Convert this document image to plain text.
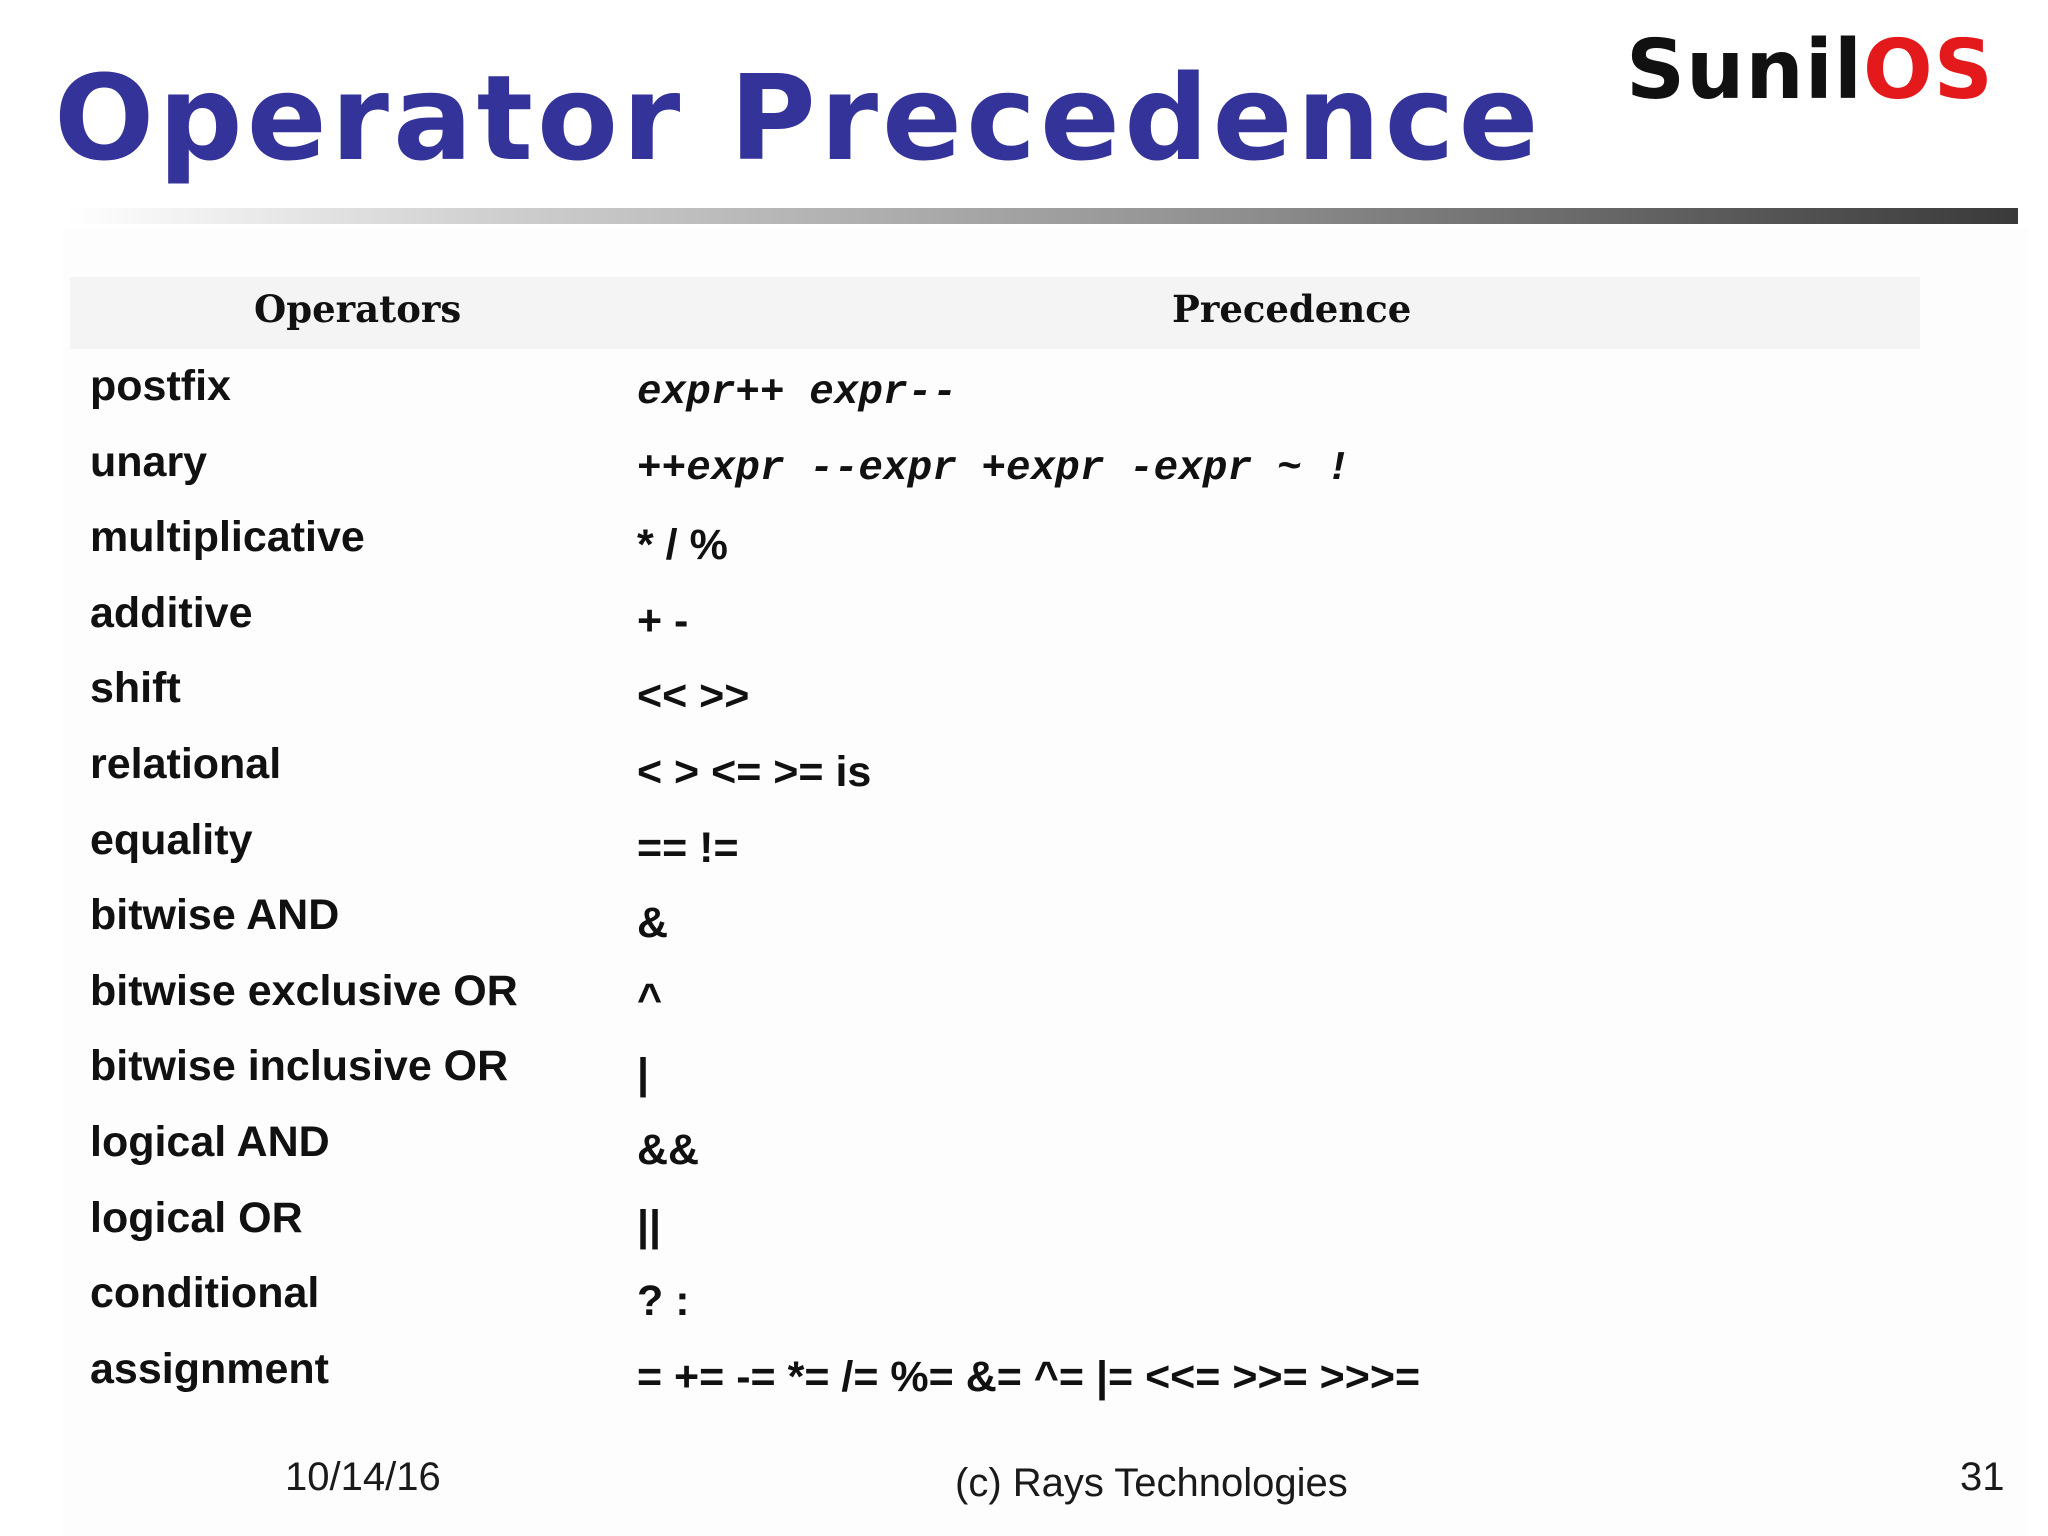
Operator Precedence SunilOS
Operators	Precedence
postfix	expr++ expr--
unary	++expr --expr +expr -expr ~ !
multiplicative	* / %
additive	+ -
shift	<< >>
relational	< > <= >= is
equality	== !=
bitwise AND	&
bitwise exclusive OR	^
bitwise inclusive OR	|
logical AND	&&
logical OR	||
conditional	? :
assignment	= += -= *= /= %= &= ^= |= <<= >>= >>>=
10/14/16	(c) Rays Technologies	31
